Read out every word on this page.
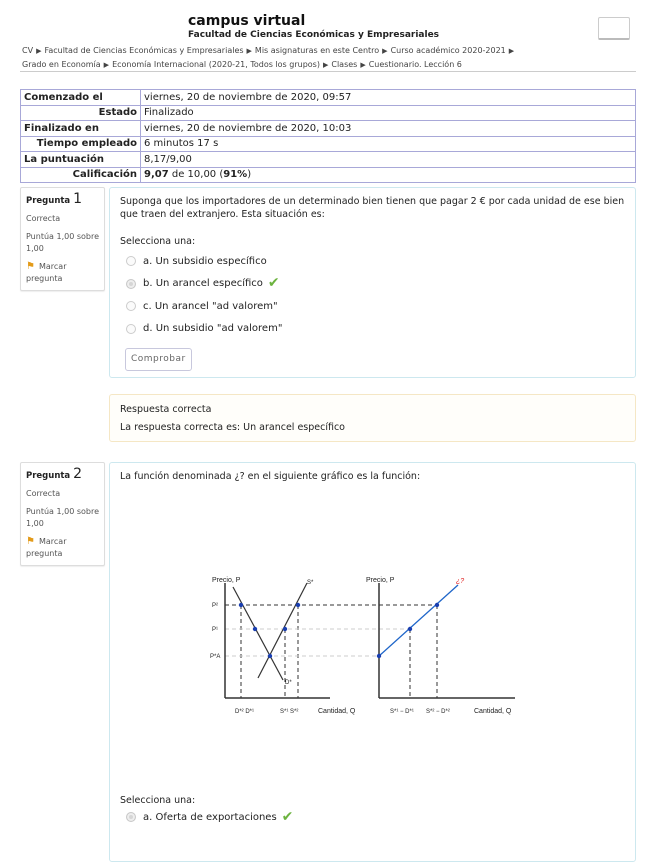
campus virtual
Facultad de Ciencias Económicas y Empresariales
CV ▶ Facultad de Ciencias Económicas y Empresariales ▶ Mis asignaturas en este Centro ▶ Curso académico 2020-2021 ▶
Grado en Economía ▶ Economía Internacional (2020-21, Todos los grupos) ▶ Clases ▶ Cuestionario. Lección 6
Comenzado el	viernes, 20 de noviembre de 2020, 09:57
Estado	Finalizado
Finalizado en	viernes, 20 de noviembre de 2020, 10:03
Tiempo empleado	6 minutos 17 s
La puntuación	8,17/9,00
Calificación	9,07 de 10,00 (91%)
Pregunta 1
Correcta
Puntúa 1,00 sobre 1,00
⚑ Marcar pregunta
Suponga que los importadores de un determinado bien tienen que pagar 2 € por cada unidad de ese bien que traen del extranjero. Esta situación es:
Selecciona una:
a. Un subsidio específico
b. Un arancel específico ✔
c. Un arancel "ad valorem"
d. Un subsidio "ad valorem"
Comprobar
Respuesta correcta
La respuesta correcta es: Un arancel específico
Pregunta 2
Correcta
Puntúa 1,00 sobre 1,00
⚑ Marcar pregunta
La función denominada ¿? en el siguiente gráfico es la función:
Selecciona una:
a. Oferta de exportaciones ✔
Precio, P	Precio, P
P²
P¹
P*A
S*
D*
¿?
D*² D*¹	S*¹ S*²	Cantidad, Q	S*¹ − D*¹ S*² − D*²	Cantidad, Q
